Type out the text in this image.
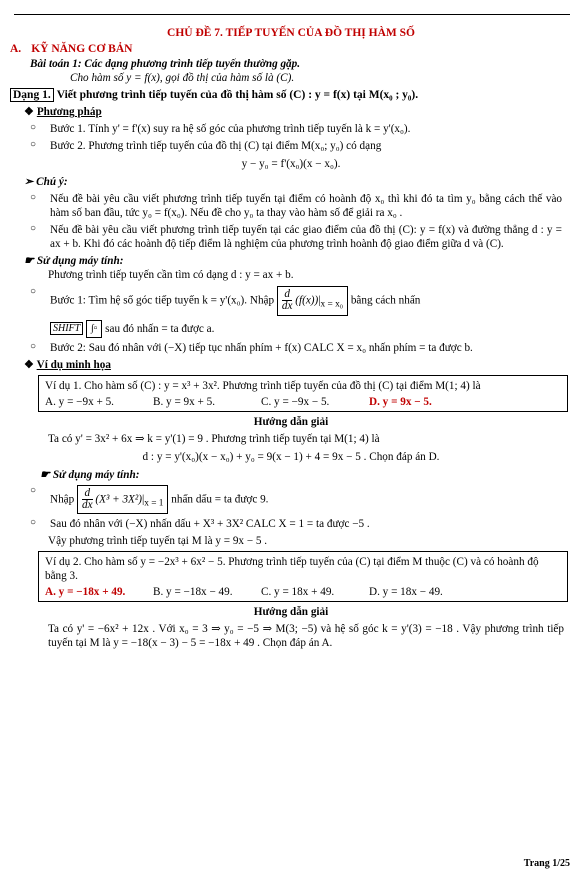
CHỦ ĐỀ 7. TIẾP TUYẾN CỦA ĐỒ THỊ HÀM SỐ
A. KỸ NĂNG CƠ BẢN
Bài toán 1: Các dạng phương trình tiếp tuyến thường gặp.
Cho hàm số y = f(x), gọi đồ thị của hàm số là (C).
Dạng 1. Viết phương trình tiếp tuyến của đồ thị hàm số (C) : y = f(x) tại M(x₀ ; y₀).
❖ Phương pháp
○ Bước 1. Tính y' = f'(x) suy ra hệ số góc của phương trình tiếp tuyến là k = y'(x₀).
○ Bước 2. Phương trình tiếp tuyến của đồ thị (C) tại điểm M(x₀; y₀) có dạng
y − y₀ = f'(x₀)(x − x₀).
➣ Chú ý:
○ Nếu đề bài yêu cầu viết phương trình tiếp tuyến tại điểm có hoành độ x₀ thì khi đó ta tìm y₀ bằng cách thế vào hàm số ban đầu, tức y₀ = f(x₀). Nếu đề cho y₀ ta thay vào hàm số để giải ra x₀ .
○ Nếu đề bài yêu cầu viết phương trình tiếp tuyến tại các giao điểm của đồ thị (C): y = f(x) và đường thẳng d : y = ax + b. Khi đó các hoành độ tiếp điểm là nghiệm của phương trình hoành độ giao điểm giữa d và (C).
☛ Sử dụng máy tính:
Phương trình tiếp tuyến cần tìm có dạng d : y = ax + b.
○ Bước 1: Tìm hệ số góc tiếp tuyến k = y'(x₀). Nhập $\frac{d}{dx} (f(x))|_{x = x_0}$ bằng cách nhấn
SHIFT ∫▫ sau đó nhấn = ta được a.
○ Bước 2: Sau đó nhân với (−X) tiếp tục nhấn phím + f(x) CALC X = x₀ nhấn phím = ta được b.
❖ Ví dụ minh họa
Ví dụ 1. Cho hàm số (C) : y = x³ + 3x². Phương trình tiếp tuyến của đồ thị (C) tại điểm M(1; 4) là
A. y = −9x + 5.	B. y = 9x + 5.	C. y = −9x − 5.	D. y = 9x − 5.
Hướng dẫn giải
Ta có y' = 3x² + 6x ⇒ k = y'(1) = 9 . Phương trình tiếp tuyến tại M(1; 4) là
d : y = y'(x₀)(x − x₀) + y₀ = 9(x − 1) + 4 = 9x − 5 . Chọn đáp án D.
☛ Sử dụng máy tính:
○ Nhập $\frac{d}{dx} (X^3 + 3X^2)|_{x = 1}$ nhấn dấu = ta được 9.
○ Sau đó nhân với (−X) nhấn dấu + X³ + 3X² CALC X = 1 = ta được −5 .
Vậy phương trình tiếp tuyến tại M là y = 9x − 5 .
Ví dụ 2. Cho hàm số y = −2x³ + 6x² − 5. Phương trình tiếp tuyến của (C) tại điểm M thuộc (C) và có hoành độ bằng 3.
A. y = −18x + 49.	B. y = −18x − 49.	C. y = 18x + 49.	D. y = 18x − 49.
Hướng dẫn giải
Ta có y' = −6x² + 12x . Với x₀ = 3 ⇒ y₀ = −5 ⇒ M(3; −5) và hệ số góc k = y'(3) = −18 . Vậy phương trình tiếp tuyến tại M là y = −18(x − 3) − 5 = −18x + 49 . Chọn đáp án A.
Trang 1/25
